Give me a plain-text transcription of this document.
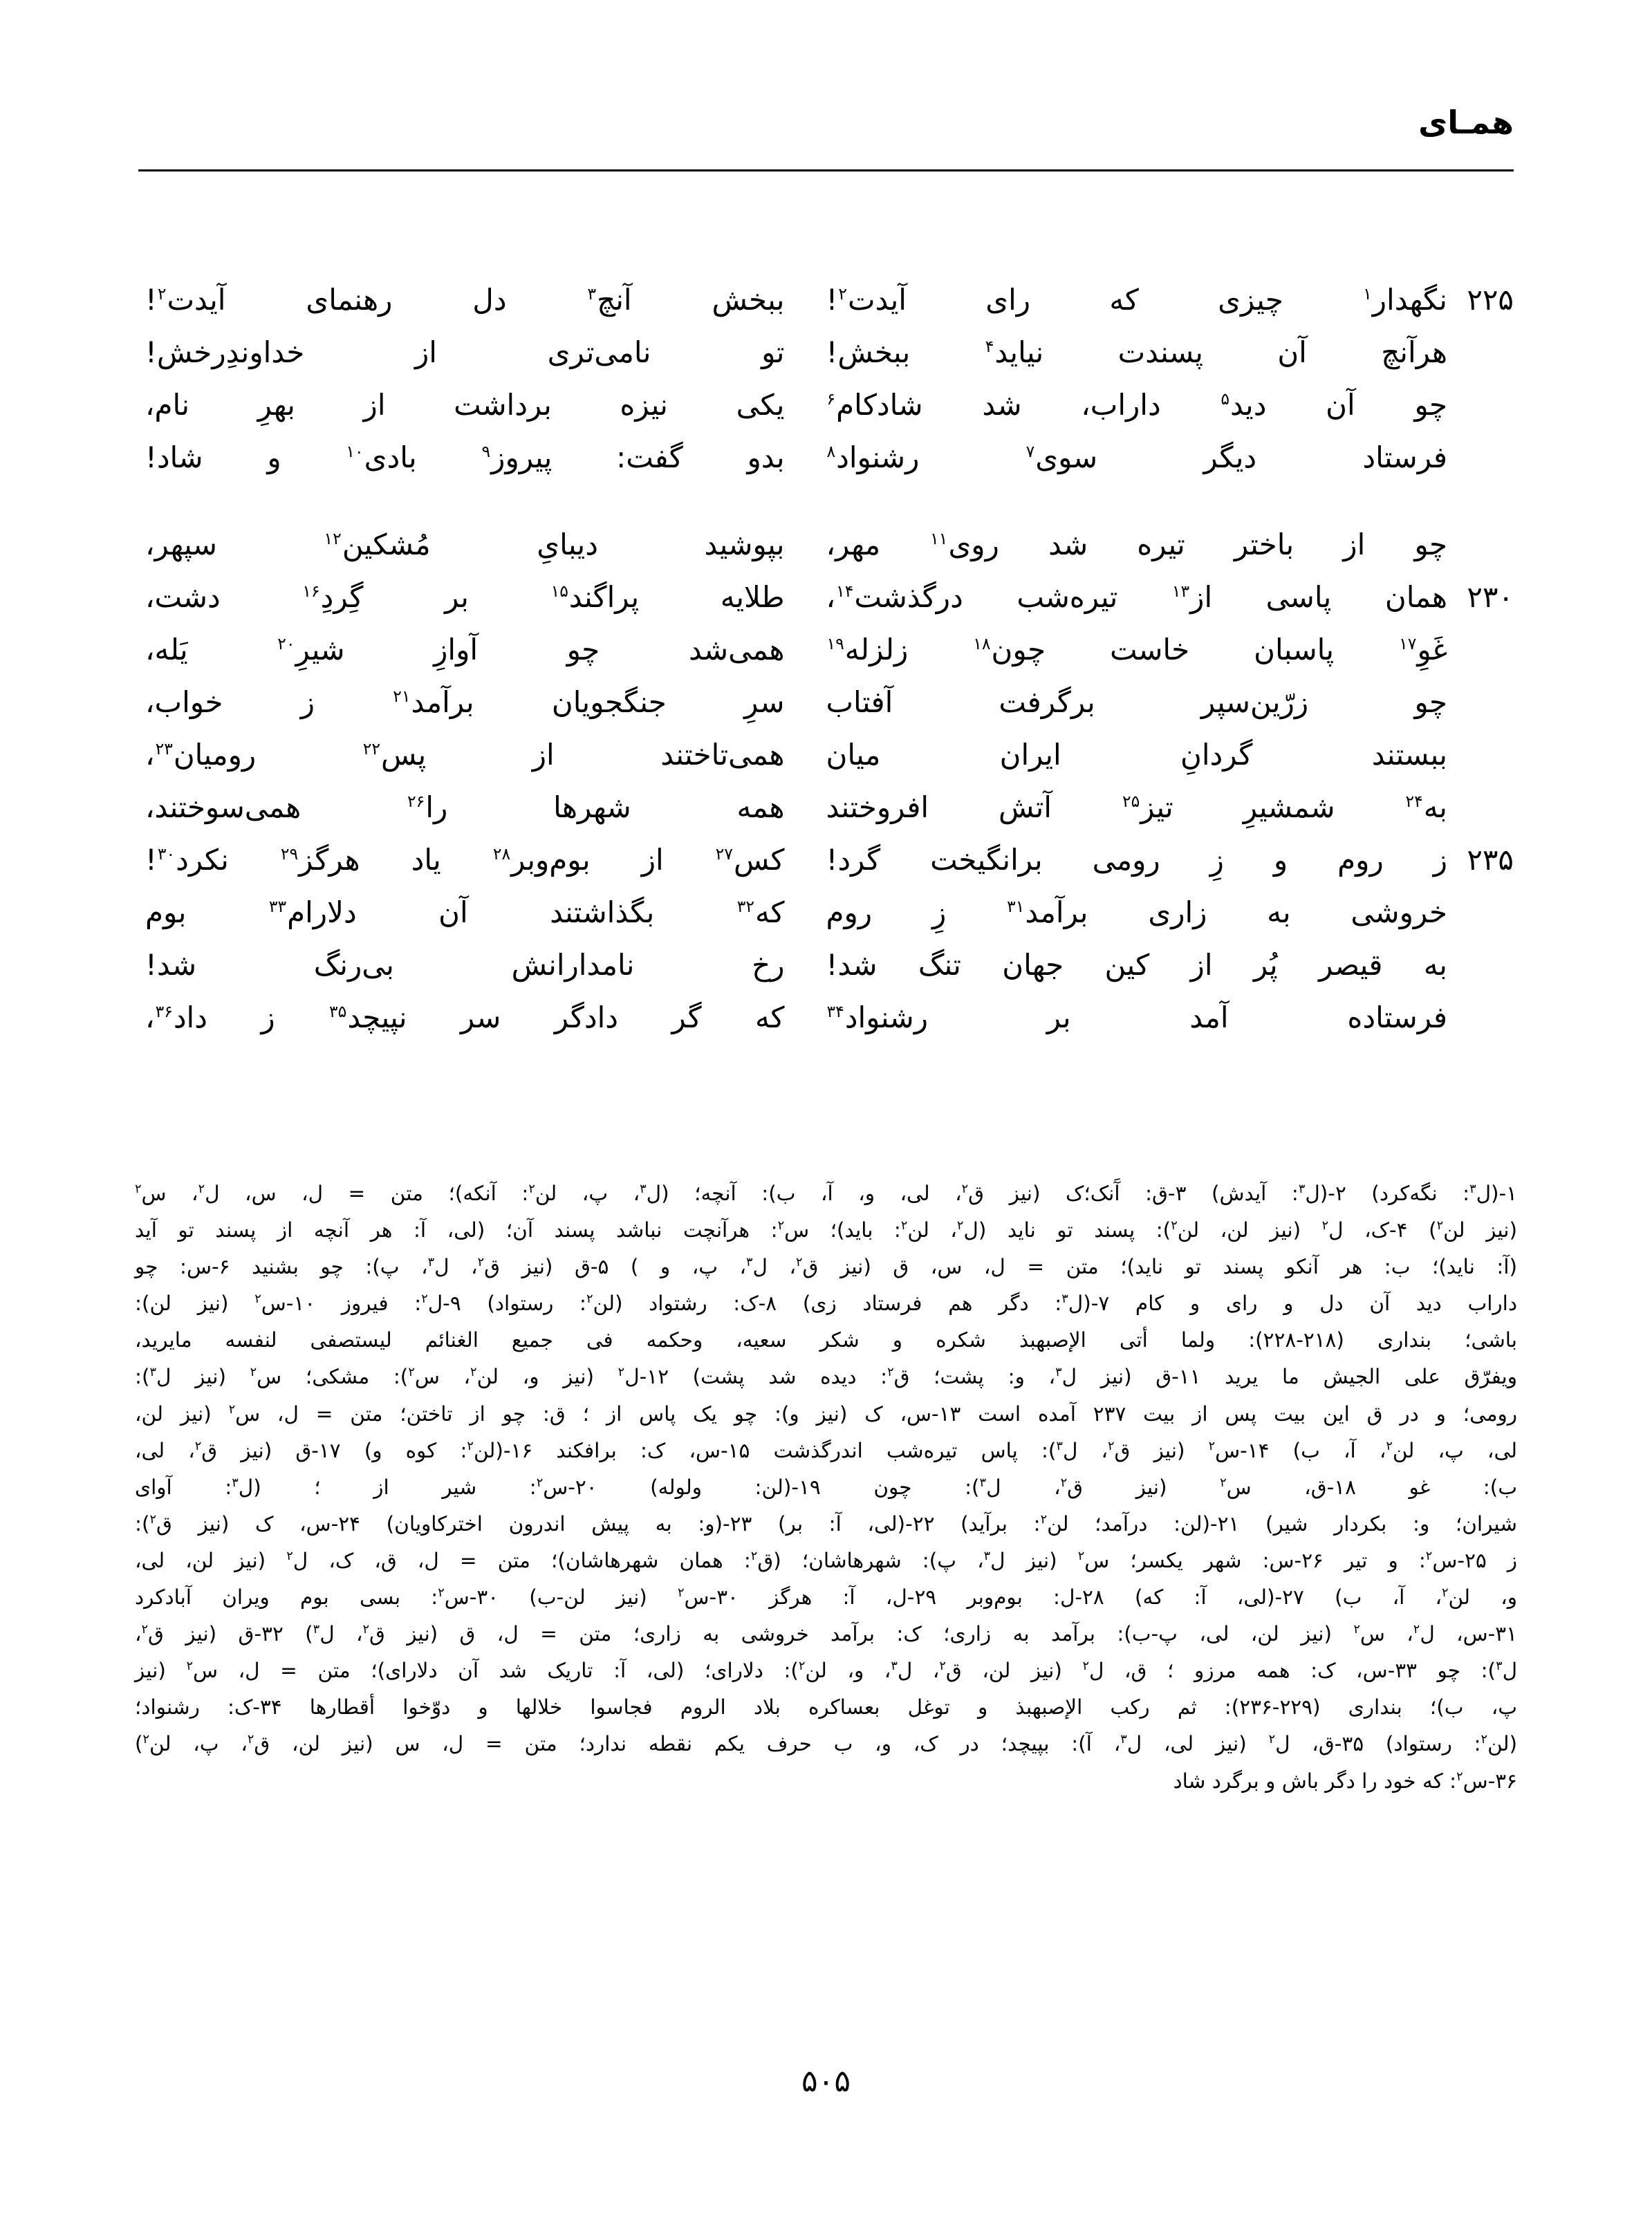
همـای
نگهدار$^۱$ چیزی که رای آیدت$^۲$!	۲۲۵
ببخش آنچ$^۳$ دل رهنمای آیدت$^۲$!
هرآنچ آن پسندت نیاید$^۴$ ببخش!
تو نامی‌تری از خداوندِرخش!
چو آن دید$^۵$ داراب، شد شادکام$^۶$
یکی نیزه برداشت از بهرِ نام،
فرستاد دیگر سوی$^۷$ رشنواد$^۸$
بدو گفت: پیروز$^۹$ بادی$^{۱۰}$ و شاد!
چو از باختر تیره شد روی$^{۱۱}$ مهر،
بپوشید دیبایِ مُشکین$^{۱۲}$ سپهر،
همان پاسی از$^{۱۳}$ تیره‌شب درگذشت$^{۱۴}$،	۲۳۰
طلایه پراگند$^{۱۵}$ بر گِردِ$^{۱۶}$ دشت،
غَوِ$^{۱۷}$ پاسبان خاست چون$^{۱۸}$ زلزله$^{۱۹}$
همی‌شد چو آوازِ شیرِ$^{۲۰}$ یَله،
چو زرّین‌سپر برگرفت آفتاب
سرِ جنگجویان برآمد$^{۲۱}$ ز خواب،
ببستند گردانِ ایران میان
همی‌تاختند از پس$^{۲۲}$ رومیان$^{۲۳}$،
به$^{۲۴}$ شمشیرِ تیز$^{۲۵}$ آتش افروختند
همه شهرها را$^{۲۶}$ همی‌سوختند،
ز روم و زِ رومی برانگیخت گرد! ۲۳۵
کس$^{۲۷}$ از بوم‌وبر$^{۲۸}$ یاد هرگز$^{۲۹}$ نکرد$^{۳۰}$!
خروشی به زاری برآمد$^{۳۱}$ زِ روم
که$^{۳۲}$ بگذاشتند آن دلارام$^{۳۳}$ بوم
به قیصر پُر از کین جهان تنگ شد!
رخ نامدارانش بی‌رنگ شد!
فرستاده آمد بر رشنواد$^{۳۴}$
که گر دادگر سر نپیچد$^{۳۵}$ ز داد$^{۳۶}$،

۱-(ل$^۳$: نگه‌کرد) ۲-(ل$^۳$: آیدش) ۳-ق: آَنک؛ک (نیز ق$^۲$، لی، و، آ، ب): آنچه؛ (ل$^۳$، پ، لن$^۲$: آنکه)؛ متن = ل، س، ل$^۲$، س$^۲$

(نیز لن$^۲$) ۴-ک، ل$^۲$ (نیز لن، لن$^۲$): پسند تو ناید (ل$^۲$، لن$^۲$: باید)؛ س$^۲$: هرآنچت نباشد پسند آن؛ (لی، آ: هر آنچه از پسند تو آید

(آ: ناید)؛ ب: هر آنکو پسند تو ناید)؛ متن = ل، س، ق (نیز ق$^۲$، ل$^۳$، پ، و ) ۵-ق (نیز ق$^۲$، ل$^۳$، پ): چو بشنید ۶-س: چو

داراب دید آن دل و رای و کام ۷-(ل$^۳$: دگر هم فرستاد زی) ۸-ک: رشتواد (لن$^۲$: رستواد) ۹-ل$^۲$: فیروز ۱۰-س$^۲$ (نیز لن):

باشی؛ بنداری (۲۱۸-۲۲۸): ولما أتی الإصبهبذ شکره و شکر سعیه، وحکمه فی جمیع الغنائم لیستصفی لنفسه مایرید،

ویفرّق علی الجیش ما یرید ۱۱-ق (نیز ل$^۳$، و: پشت؛ ق$^۲$: دیده شد پشت) ۱۲-ل$^۲$ (نیز و، لن$^۲$، س$^۲$): مشکی؛ س$^۲$ (نیز ل$^۳$):

رومی؛ و در ق این بیت پس از بیت ۲۳۷ آمده است ۱۳-س، ک (نیز و): چو یک پاس از ؛ ق: چو از تاختن؛ متن = ل، س$^۲$ (نیز لن،

لی، پ، لن$^۲$، آ، ب) ۱۴-س$^۲$ (نیز ق$^۲$، ل$^۳$): پاس تیره‌شب اندرگذشت ۱۵-س، ک: برافکند ۱۶-(لن$^۲$: کوه و) ۱۷-ق (نیز ق$^۲$، لی،

ب): غو ۱۸-ق، س$^۲$ (نیز ق$^۲$، ل$^۳$): چون ۱۹-(لن: ولوله) ۲۰-س$^۲$: شیر از ؛ (ل$^۳$: آوای

شیران؛ و: بکردار شیر) ۲۱-(لن: درآمد؛ لن$^۲$: برآید) ۲۲-(لی، آ: بر) ۲۳-(و: به پیش اندرون اخترکاویان) ۲۴-س، ک (نیز ق$^۲$):

ز ۲۵-س$^۲$: و تیر ۲۶-س: شهر یکسر؛ س$^۲$ (نیز ل$^۳$، پ): شهرهاشان؛ (ق$^۲$: همان شهرهاشان)؛ متن = ل، ق، ک، ل$^۲$ (نیز لن، لی،

و، لن$^۲$، آ، ب) ۲۷-(لی، آ: که) ۲۸-ل: بوم‌وبر ۲۹-ل، آ: هرگز ۳۰-س$^۲$ (نیز لن-ب) ۳۰-س$^۲$: بسی بوم ویران آبادکرد

۳۱-س، ل$^۲$، س$^۲$ (نیز لن، لی، پ-ب): برآمد به زاری؛ ک: برآمد خروشی به زاری؛ متن = ل، ق (نیز ق$^۲$، ل$^۳$) ۳۲-ق (نیز ق$^۲$،

ل$^۳$): چو ۳۳-س، ک: همه مرزو ؛ ق، ل$^۲$ (نیز لن، ق$^۲$، ل$^۳$، و، لن$^۲$): دلارای؛ (لی، آ: تاریک شد آن دلارای)؛ متن = ل، س$^۲$ (نیز

پ، ب)؛ بنداری (۲۲۹-۲۳۶): ثم رکب الإصبهبذ و توغل بعساکره بلاد الروم فجاسوا خلالها و دوّخوا أقطارها ۳۴-ک: رشنواد؛

(لن$^۲$: رستواد) ۳۵-ق، ل$^۲$ (نیز لی، ل$^۳$، آ): بپیچد؛ در ک، و، ب حرف یکم نقطه ندارد؛ متن = ل، س (نیز لن، ق$^۲$، پ، لن$^۲$)

۳۶-س$^۲$: که خود را دگر باش و برگرد شاد

۵۰۵
